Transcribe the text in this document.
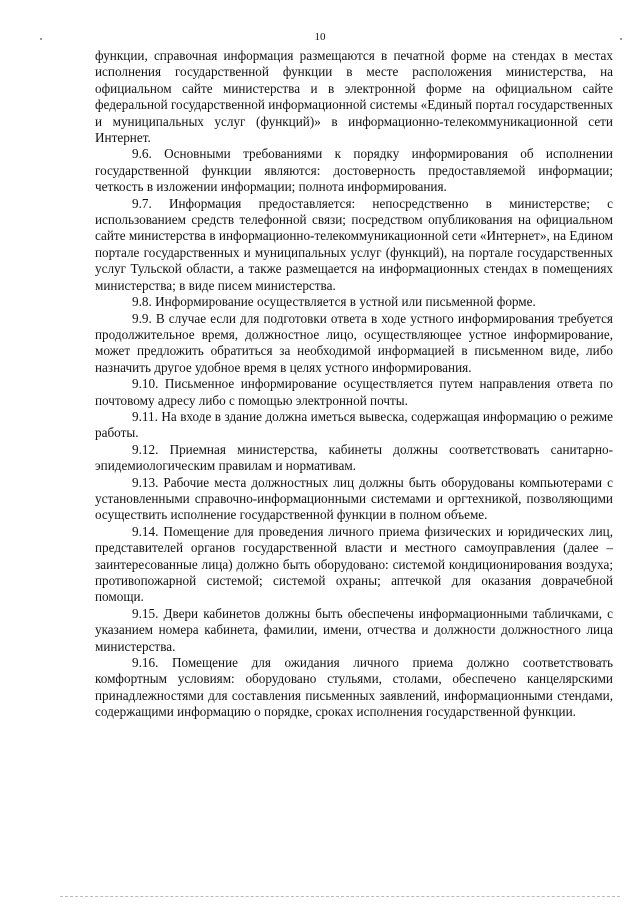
10

функции, справочная информация размещаются в печатной форме на стендах в местах исполнения государственной функции в месте расположения министерства, на официальном сайте министерства и в электронной форме на официальном сайте федеральной государственной информационной системы «Единый портал государственных и муниципальных услуг (функций)» в информационно-телекоммуникационной сети Интернет.

9.6. Основными требованиями к порядку информирования об исполнении государственной функции являются: достоверность предоставляемой информации; четкость в изложении информации; полнота информирования.

9.7. Информация предоставляется: непосредственно в министерстве; с использованием средств телефонной связи; посредством опубликования на официальном сайте министерства в информационно-телекоммуникационной сети «Интернет», на Едином портале государственных и муниципальных услуг (функций), на портале государственных услуг Тульской области, а также размещается на информационных стендах в помещениях министерства; в виде писем министерства.

9.8. Информирование осуществляется в устной или письменной форме.

9.9. В случае если для подготовки ответа в ходе устного информирования требуется продолжительное время, должностное лицо, осуществляющее устное информирование, может предложить обратиться за необходимой информацией в письменном виде, либо назначить другое удобное время в целях устного информирования.

9.10. Письменное информирование осуществляется путем направления ответа по почтовому адресу либо с помощью электронной почты.

9.11. На входе в здание должна иметься вывеска, содержащая информацию о режиме работы.

9.12. Приемная министерства, кабинеты должны соответствовать санитарно-эпидемиологическим правилам и нормативам.

9.13. Рабочие места должностных лиц должны быть оборудованы компьютерами с установленными справочно-информационными системами и оргтехникой, позволяющими осуществить исполнение государственной функции в полном объеме.

9.14. Помещение для проведения личного приема физических и юридических лиц, представителей органов государственной власти и местного самоуправления (далее – заинтересованные лица) должно быть оборудовано: системой кондиционирования воздуха; противопожарной системой; системой охраны; аптечкой для оказания доврачебной помощи.

9.15. Двери кабинетов должны быть обеспечены информационными табличками, с указанием номера кабинета, фамилии, имени, отчества и должности должностного лица министерства.

9.16. Помещение для ожидания личного приема должно соответствовать комфортным условиям: оборудовано стульями, столами, обеспечено канцелярскими принадлежностями для составления письменных заявлений, информационными стендами, содержащими информацию о порядке, сроках исполнения государственной функции.
